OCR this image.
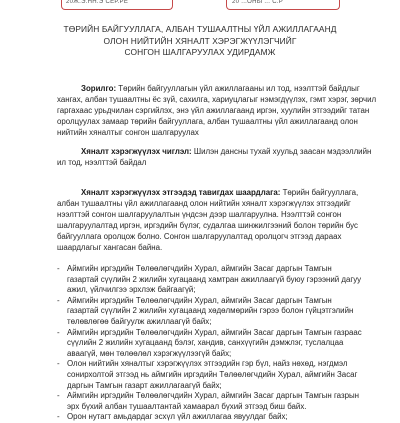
20Ж.Э.НН.Э СЕР.РЕ	20 ...ОНЫ ... С.Р
ТӨРИЙН БАЙГУУЛЛАГА, АЛБАН ТУШААЛТНЫ ҮЙЛ АЖИЛЛАГААНД
ОЛОН НИЙТИЙН ХЯНАЛТ ХЭРЭГЖҮҮЛЭГЧИЙГ
СОНГОН ШАЛГАРУУЛАХ УДИРДАМЖ
Зорилго: Төрийн байгууллагын үйл ажиллагааны ил тод, нээлттэй байдлыг
хангах, албан тушаалтны ёс зүй, сахилга, хариуцлагыг нэмэгдүүлэх, гэмт хэрэг, зөрчил
гаргахаас урьдчилан сэргийлэх, энэ үйл ажиллагаанд иргэн, хуулийн этгээдийг татан
оролцуулах замаар төрийн байгууллага, албан тушаалтны үйл ажиллагаанд олон
нийтийн хяналтыг сонгон шалгаруулах
Хяналт хэрэгжүүлэх чиглэл: Шилэн дансны тухай хуульд заасан мэдээллийн
ил тод, нээлттэй байдал
Хяналт хэрэгжүүлэх этгээдэд тавигдах шаардлага: Төрийн байгууллага,
албан тушаалтны үйл ажиллагаанд олон нийтийн хяналт хэрэгжүүлэх этгээдийг
нээлттэй сонгон шалгаруулалтын үндсэн дээр шалгаруулна. Нээлттэй сонгон
шалгаруулалтад иргэн, иргэдийн бүлэг, судалгаа шинжилгээний болон төрийн бус
байгууллага оролцож болно. Сонгон шалгаруулалтад оролцогч этгээд дараах
шаардлагыг хангасан байна.
- Аймгийн иргэдийн Төлөөлөгчдийн Хурал, аймгийн Засаг даргын Тамгын
газартай сүүлийн 2 жилийн хугацаанд хамтран ажиллаагүй буюу гэрээний дагуу
ажил, үйлчилгээ эрхлэж байгаагүй;
- Аймгийн иргэдийн Төлөөлөгчдийн Хурал, аймгийн Засаг даргын Тамгын
газартай сүүлийн 2 жилийн хугацаанд хөдөлмөрийн гэрээ болон гүйцэтгэлийн
төлөвлөгөө байгуулж ажиллаагүй байх;
- Аймгийн иргэдийн Төлөөлөгчдийн Хурал, аймгийн Засаг даргын Тамгын газраас
сүүлийн 2 жилийн хугацаанд бэлэг, хандив, санхүүгийн дэмжлэг, туслалцаа
аваагүй, мөн төлөөлөл хэрэгжүүлээгүй байх;
- Олон нийтийн хяналтыг хэрэгжүүлэх этгээдийн гэр бүл, найз нөхөд, нэгдмэл
сонирхолтой этгээд нь аймгийн иргэдийн Төлөөлөгчдийн Хурал, аймгийн Засаг
даргын Тамгын газарт ажиллагаагүй байх;
- Аймгийн иргэдийн Төлөөлөгчдийн Хурал, аймгийн Засаг даргын Тамгын газрын
эрх бүхий албан тушаалтантай хамаарал бүхий этгээд биш байх.
- Орон нутагт амьдардаг эсхүл үйл ажиллагаа явуулдаг байх;
